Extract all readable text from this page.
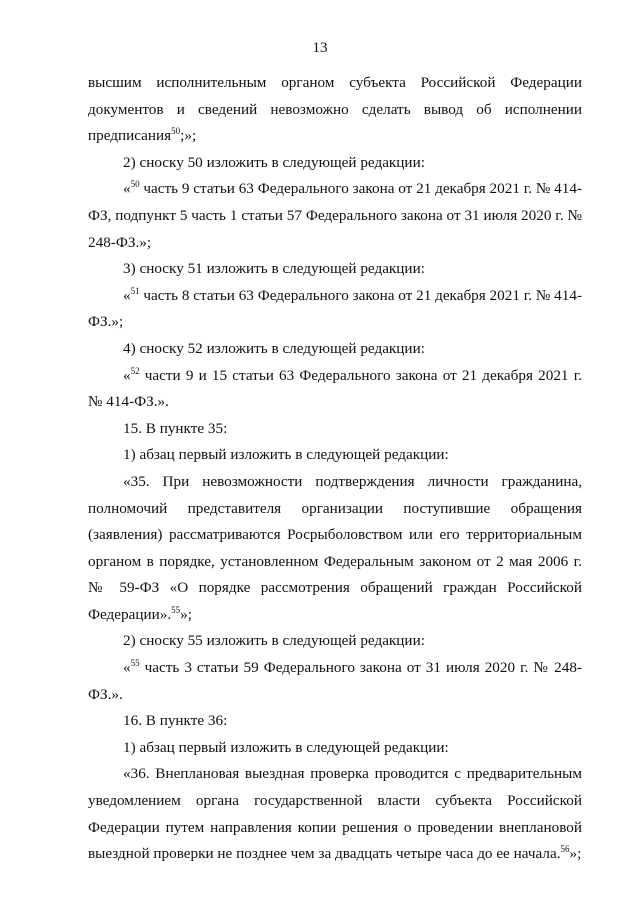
13

высшим исполнительным органом субъекта Российской Федерации документов и сведений невозможно сделать вывод об исполнении предписания$^{50}$;»;

2) сноску 50 изложить в следующей редакции:

«$^{50}$ часть 9 статьи 63 Федерального закона от 21 декабря 2021 г. № 414-ФЗ, подпункт 5 часть 1 статьи 57 Федерального закона от 31 июля 2020 г. № 248-ФЗ.»;

3) сноску 51 изложить в следующей редакции:

«$^{51}$ часть 8 статьи 63 Федерального закона от 21 декабря 2021 г. № 414-ФЗ.»;

4) сноску 52 изложить в следующей редакции:

«$^{52}$ части 9 и 15 статьи 63 Федерального закона от 21 декабря 2021 г. № 414-ФЗ.».

15. В пункте 35:

1) абзац первый изложить в следующей редакции:

«35. При невозможности подтверждения личности гражданина, полномочий представителя организации поступившие обращения (заявления) рассматриваются Росрыболовством или его территориальным органом в порядке, установленном Федеральным законом от 2 мая 2006 г. № 59-ФЗ «О порядке рассмотрения обращений граждан Российской Федерации».$^{55}$»;

2) сноску 55 изложить в следующей редакции:

«$^{55}$ часть 3 статьи 59 Федерального закона от 31 июля 2020 г. № 248-ФЗ.».

16. В пункте 36:

1) абзац первый изложить в следующей редакции:

«36. Внеплановая выездная проверка проводится с предварительным уведомлением органа государственной власти субъекта Российской Федерации путем направления копии решения о проведении внеплановой выездной проверки не позднее чем за двадцать четыре часа до ее начала.$^{56}$»;
